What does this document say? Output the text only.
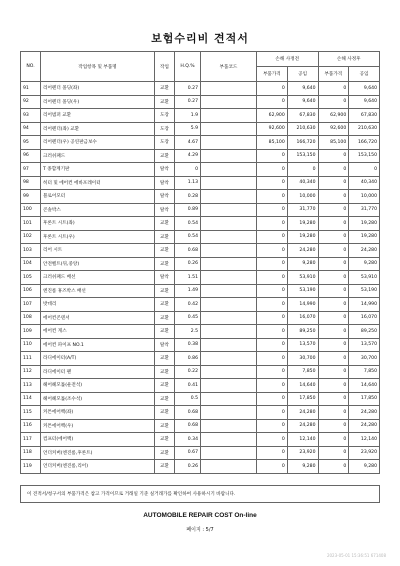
보험수리비 견적서
NO.	작업항목 및 부품명	작업	H.Q.%	부품코드	손해 사정전		손해 사정후	
					부품가격	공임	부품가격	공임
91	리어펜더 몰딩(좌)	교환	0.27		0	9,640	0	9,640
92	리어펜더 몰딩(우)	교환	0.27		0	9,640	0	9,640
93	리어범퍼 교환	도장	1.9		62,900	67,830	62,900	67,830
94	리어펜더(좌) 교환	도장	5.9		92,600	210,630	92,600	210,630
95	리어펜더(우) 공연판금보수	도장	4.67		85,100	166,720	85,100	166,720
96	크러쉬패드	교환	4.29		0	153,150	0	153,150
97	T 종합계기판	탈착	0		0	0	0	0
98	히터 및 에어컨 에바포레이터	탈착	1.13		0	40,340	0	40,340
99	블로어모터	탈착	0.28		0	10,000	0	10,000
100	콘솔박스	탈착	0.89		0	31,770	0	31,770
101	후론트 시트(좌)	교환	0.54		0	19,280	0	19,280
102	후론트 시트(우)	교환	0.54		0	19,280	0	19,280
103	리어 시트	교환	0.68		0	24,280	0	24,280
104	안전벨트(뒤,중앙)	교환	0.26		0	9,280	0	9,280
105	크러쉬패드 배선	탈착	1.51		0	53,910	0	53,910
106	엔진룸 휴즈박스 배선	교환	1.49		0	53,190	0	53,190
107	밧데리	교환	0.42		0	14,990	0	14,990
108	에어컨콘덴서	교환	0.45		0	16,070	0	16,070
109	에어컨 게스	교환	2.5		0	89,250	0	89,250
110	에어컨 파이프 NO.1	탈착	0.38		0	13,570	0	13,570
111	라디에이터(A/T)	교환	0.86		0	30,700	0	30,700
112	라디에이터 팬	교환	0.22		0	7,850	0	7,850
113	헤어헤모툴(운전석)	교환	0.41		0	14,640	0	14,640
114	헤어헤모툴(조수석)	교환	0.5		0	17,850	0	17,850
115	커튼에어백(좌)	교환	0.68		0	24,280	0	24,280
116	커튼에어백(우)	교환	0.68		0	24,280	0	24,280
117	컴프터(에어백)	교환	0.34		0	12,140	0	12,140
118	언더커버(엔진룸,후론트)	교환	0.67		0	23,920	0	23,920
119	언더커버(엔진룸,리어)	교환	0.26		0	9,280	0	9,280
이 견적서/청구서의 부품가격은 참고 가격이므로 거래일 기준 실거래가를 확인하여 사용하시기 바랍니다.
AUTOMOBILE REPAIR COST On-line
페이지 : 5/7
2023-05-01 15:36:51 671408
